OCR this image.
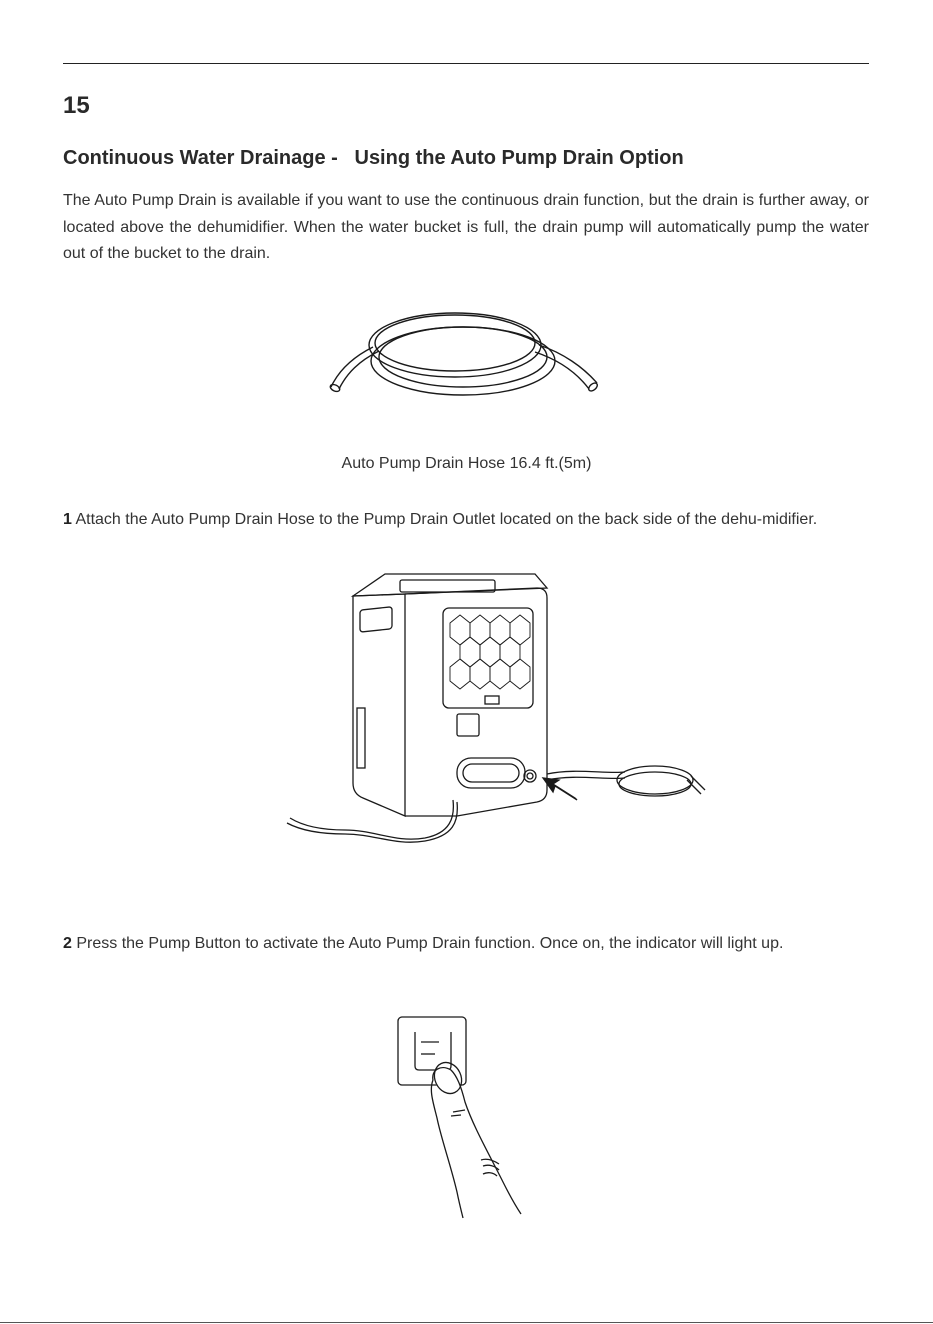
15
Continuous Water Drainage -   Using the Auto Pump Drain Option

The Auto Pump Drain is available if you want to use the continuous drain function, but the drain is further away, or located above the dehumidifier. When the water bucket is full, the drain pump will automatically pump the water out of the bucket to the drain.

Auto Pump Drain Hose 16.4 ft.(5m)

1 Attach the Auto Pump Drain Hose to the Pump Drain Outlet located on the back side of the dehu-midifier.

2 Press the Pump Button to activate the Auto Pump Drain function. Once on, the indicator will light up.
